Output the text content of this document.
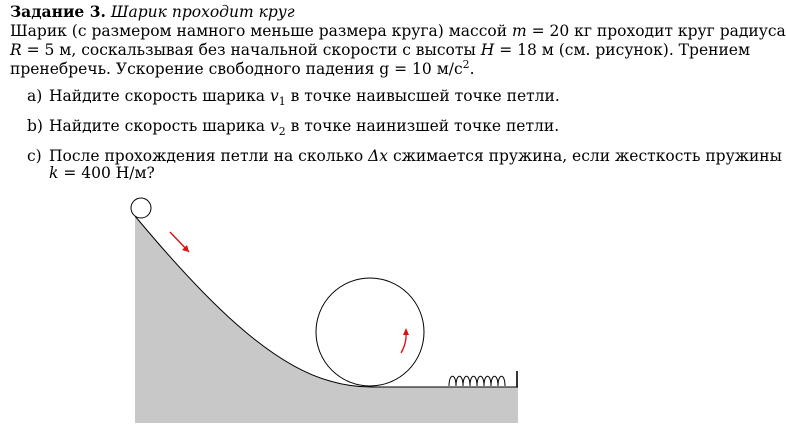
Задание 3. Шарик проходит круг
Шарик (с размером намного меньше размера круга) массой m = 20 кг проходит круг радиуса
R = 5 м, соскальзывая без начальной скорости с высоты H = 18 м (см. рисунок). Трением
пренебречь. Ускорение свободного падения g = 10 $м/с^2$.
a) Найдите скорость шарика $v_1$ в точке наивысшей точке петли.
b) Найдите скорость шарика $v_2$ в точке наинизшей точке петли.
c) После прохождения петли на сколько Δx сжимается пружина, если жесткость пружины
k = 400 Н/м?
